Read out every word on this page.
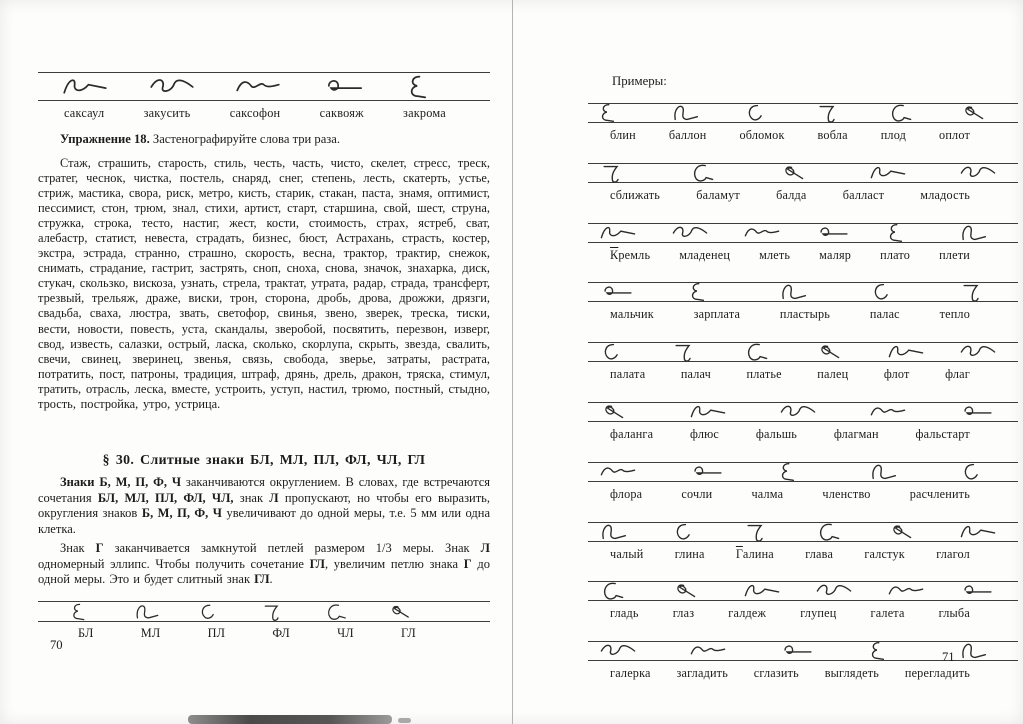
саксаул	закусить	саксофон	саквояж	закрома

Упражнение 18. Застенографируйте слова три раза.

Стаж, страшить, старость, стиль, честь, часть, чисто, скелет, стресс, треск, стратег, чеснок, чистка, постель, снаряд, снег, степень, лесть, скатерть, устье, стриж, мастика, свора, риск, метро, кисть, старик, стакан, паста, знамя, оптимист, пессимист, стон, трюм, знал, стихи, артист, старт, старшина, свой, шест, струна, стружка, строка, тесто, настиг, жест, кости, стоимость, страх, ястреб, сват, алебастр, статист, невеста, страдать, бизнес, бюст, Астрахань, страсть, костер, экстра, эстрада, странно, страшно, скорость, весна, трактор, трактир, снежок, снимать, страдание, гастрит, застрять, сноп, сноха, снова, значок, знахарка, диск, стукач, скользко, вискоза, узнать, стрела, трактат, утрата, радар, страда, трансферт, трезвый, трельяж, драже, виски, трон, сторона, дробь, дрова, дрожжи, дрязги, свадьба, сваха, люстра, звать, светофор, свинья, звено, зверек, треска, тиски, вести, новости, повесть, уста, скандалы, зверобой, посвятить, перезвон, изверг, свод, известь, салазки, острый, ласка, сколько, скорлупа, скрыть, звезда, свалить, свечи, свинец, зверинец, звенья, связь, свобода, зверье, затраты, растрата, потратить, пост, патроны, традиция, штраф, дрянь, дрель, дракон, тряска, стимул, тратить, отрасль, леска, вместе, устроить, уступ, настил, трюмо, постный, стыдно, трость, постройка, утро, устрица.

§ 30. Слитные знаки БЛ, МЛ, ПЛ, ФЛ, ЧЛ, ГЛ

Знаки Б, М, П, Ф, Ч заканчиваются округлением. В словах, где встречаются сочетания БЛ, МЛ, ПЛ, ФЛ, ЧЛ, знак Л пропускают, но чтобы его выразить, округления знаков Б, М, П, Ф, Ч увеличивают до одной меры, т.е. 5 мм или одна клетка.

Знак Г заканчивается замкнутой петлей размером 1/3 меры. Знак Л одномерный эллипс. Чтобы получить сочетание ГЛ, увеличим петлю знака Г до одной меры. Это и будет слитный знак ГЛ.

БЛ	МЛ	ПЛ	ФЛ	ЧЛ	ГЛ
70
Примеры:
блин	баллон	обломок	вобла	плод	оплот
сближать	баламут	балда	балласт	младость
Кремль младенец млеть маляр плато плети
мальчик	зарплата	пластырь	палас	тепло
палата	палач	платье	палец	флот	флаг
фаланга	флюс	фальшь	флагман	фальстарт
флора	сочли	чалма	членство	расчленить
чалый	глина	Галина	глава	галстук	глагол
гладь	глаз	галдеж	глупец	галета	глыба
галерка загладить сглазить выглядеть перегладить
71
